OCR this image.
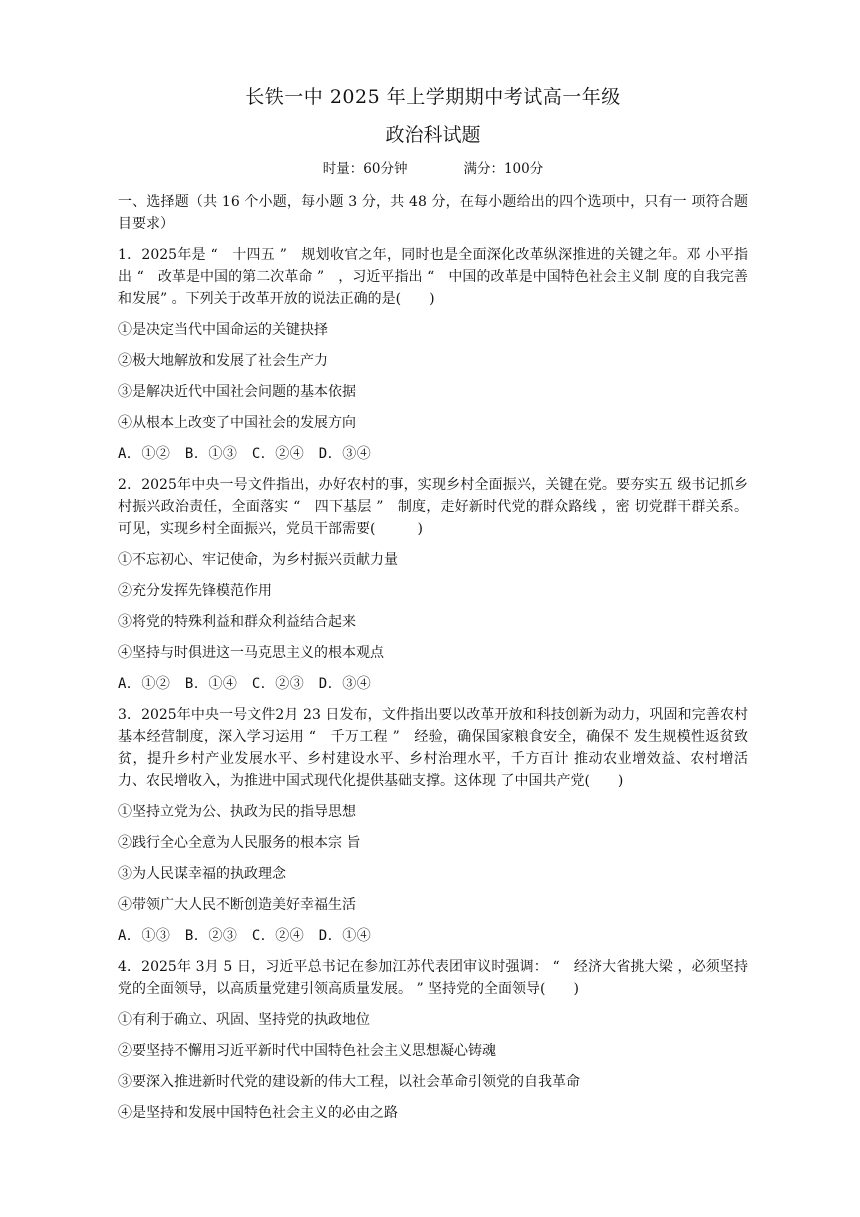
长铁一中 2025 年上学期期中考试高一年级
政治科试题
时量：60分钟	满分：100分
一、选择题（共 16 个小题，每小题 3 分，共 48 分，在每小题给出的四个选项中，只有一 项符合题目要求）
1．2025年是 “　十四五 ”　规划收官之年，同时也是全面深化改革纵深推进的关键之年。邓 小平指出 “　改革是中国的第二次革命 ”　，习近平指出 “　中国的改革是中国特色社会主义制 度的自我完善和发展” 。下列关于改革开放的说法正确的是(　　)
①是决定当代中国命运的关键抉择
②极大地解放和发展了社会生产力
③是解决近代中国社会问题的基本依据
④从根本上改变了中国社会的发展方向
A．①②　B．①③　C．②④　D．③④
2．2025年中央一号文件指出，办好农村的事，实现乡村全面振兴，关键在党。要夯实五 级书记抓乡村振兴政治责任，全面落实 “　四下基层 ”　制度，走好新时代党的群众路线 ，密 切党群干群关系。可见，实现乡村全面振兴，党员干部需要(　　　)
①不忘初心、牢记使命，为乡村振兴贡献力量
②充分发挥先锋模范作用
③将党的特殊利益和群众利益结合起来
④坚持与时俱进这一马克思主义的根本观点
A．①②　B．①④　C．②③　D．③④
3．2025年中央一号文件2月 23 日发布，文件指出要以改革开放和科技创新为动力，巩固和完善农村基本经营制度，深入学习运用 “　千万工程 ”　经验，确保国家粮食安全，确保不 发生规模性返贫致贫，提升乡村产业发展水平、乡村建设水平、乡村治理水平，千方百计 推动农业增效益、农村增活力、农民增收入，为推进中国式现代化提供基础支撑。这体现 了中国共产党(　　)
①坚持立党为公、执政为民的指导思想
②践行全心全意为人民服务的根本宗 旨
③为人民谋幸福的执政理念
④带领广大人民不断创造美好幸福生活
A．①③　B．②③　C．②④　D．①④
4．2025年 3月 5 日，习近平总书记在参加江苏代表团审议时强调： “　经济大省挑大梁 ，必须坚持党的全面领导，以高质量党建引领高质量发展。 ” 坚持党的全面领导(　　)
①有利于确立、巩固、坚持党的执政地位
②要坚持不懈用习近平新时代中国特色社会主义思想凝心铸魂
③要深入推进新时代党的建设新的伟大工程，以社会革命引领党的自我革命
④是坚持和发展中国特色社会主义的必由之路
